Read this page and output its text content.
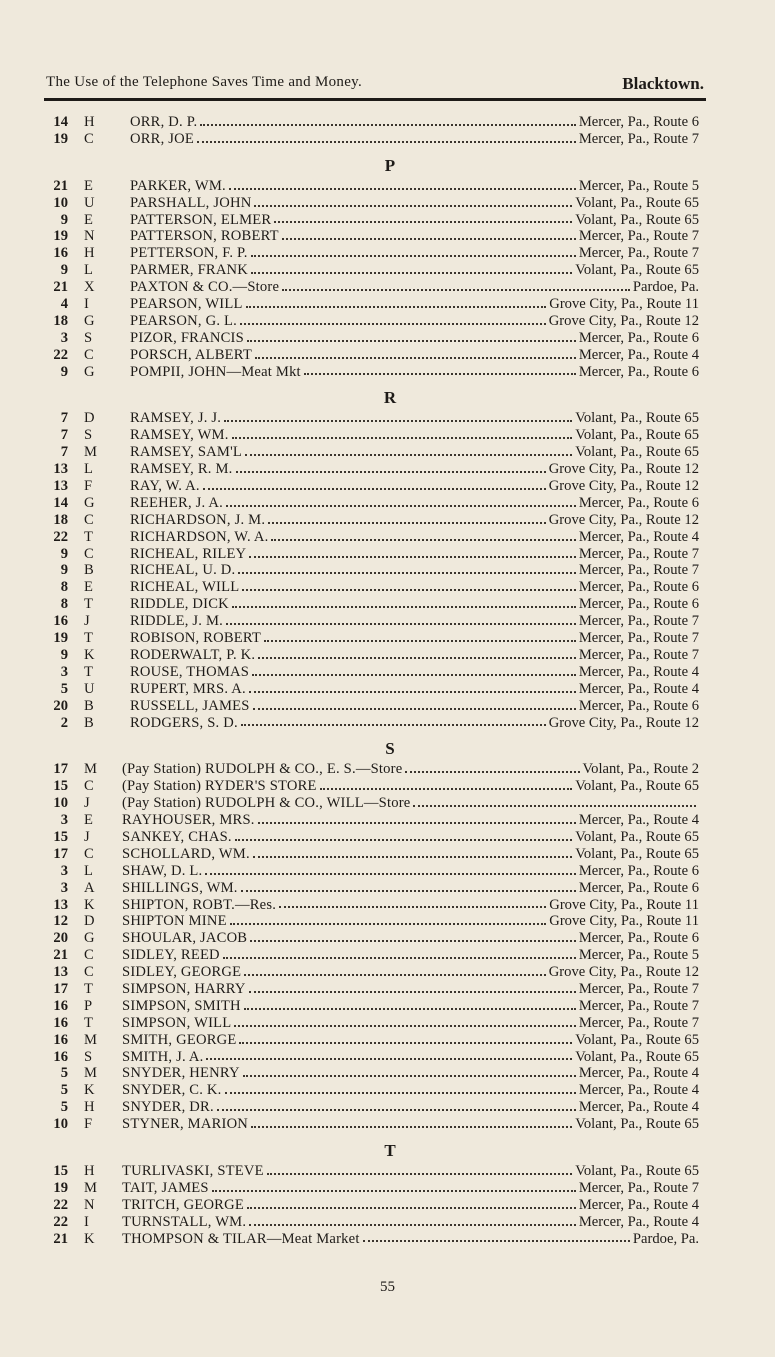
The Use of the Telephone Saves Time and Money.	Blacktown.
14 H	ORR, D. P.	Mercer, Pa., Route 6
19 C	ORR, JOE	Mercer, Pa., Route 7
P
21 E	PARKER, WM.	Mercer, Pa., Route 5
10 U	PARSHALL, JOHN	Volant, Pa., Route 65
9 E	PATTERSON, ELMER	Volant, Pa., Route 65
19 N	PATTERSON, ROBERT	Mercer, Pa., Route 7
16 H	PETTERSON, F. P.	Mercer, Pa., Route 7
9 L	PARMER, FRANK	Volant, Pa., Route 65
21 X	PAXTON & CO.—Store	Pardoe, Pa.
4 I	PEARSON, WILL	Grove City, Pa., Route 11
18 G	PEARSON, G. L.	Grove City, Pa., Route 12
3 S	PIZOR, FRANCIS	Mercer, Pa., Route 6
22 C	PORSCH, ALBERT	Mercer, Pa., Route 4
9 G	POMPII, JOHN—Meat Mkt	Mercer, Pa., Route 6
R
7 D	RAMSEY, J. J.	Volant, Pa., Route 65
7 S	RAMSEY, WM.	Volant, Pa., Route 65
7 M RAMSEY, SAM'L	Volant, Pa., Route 65
13 L	RAMSEY, R. M.	Grove City, Pa., Route 12
13 F	RAY, W. A.	Grove City, Pa., Route 12
14 G	REEHER, J. A.	Mercer, Pa., Route 6
18 C	RICHARDSON, J. M.	Grove City, Pa., Route 12
22 T	RICHARDSON, W. A.	Mercer, Pa., Route 4
9 C	RICHEAL, RILEY	Mercer, Pa., Route 7
9 B	RICHEAL, U. D.	Mercer, Pa., Route 7
8 E	RICHEAL, WILL	Mercer, Pa., Route 6
8 T	RIDDLE, DICK	Mercer, Pa., Route 6
16 J	RIDDLE, J. M.	Mercer, Pa., Route 7
19 T	ROBISON, ROBERT	Mercer, Pa., Route 7
9 K	RODERWALT, P. K.	Mercer, Pa., Route 7
3 T	ROUSE, THOMAS	Mercer, Pa., Route 4
5 U	RUPERT, MRS. A.	Mercer, Pa., Route 4
20 B	RUSSELL, JAMES	Mercer, Pa., Route 6
2 B	RODGERS, S. D.	Grove City, Pa., Route 12
S
17 M (Pay Station) RUDOLPH & CO., E. S.—Store	Volant, Pa., Route 2
15 C	(Pay Station) RYDER'S STORE	Volant, Pa., Route 65
10 J	(Pay Station) RUDOLPH & CO., WILL—Store
3 E	RAYHOUSER, MRS.	Mercer, Pa., Route 4
15 J	SANKEY, CHAS.	Volant, Pa., Route 65
17 C	SCHOLLARD, WM.	Volant, Pa., Route 65
3 L	SHAW, D. L.	Mercer, Pa., Route 6
3 A	SHILLINGS, WM.	Mercer, Pa., Route 6
13 K	SHIPTON, ROBT.—Res.	Grove City, Pa., Route 11
12 D	SHIPTON MINE	Grove City, Pa., Route 11
20 G	SHOULAR, JACOB	Mercer, Pa., Route 6
21 C	SIDLEY, REED	Mercer, Pa., Route 5
13 C	SIDLEY, GEORGE	Grove City, Pa., Route 12
17 T	SIMPSON, HARRY	Mercer, Pa., Route 7
16 P	SIMPSON, SMITH	Mercer, Pa., Route 7
16 T	SIMPSON, WILL	Mercer, Pa., Route 7
16 M SMITH, GEORGE	Volant, Pa., Route 65
16 S	SMITH, J. A.	Volant, Pa., Route 65
5 M SNYDER, HENRY	Mercer, Pa., Route 4
5 K	SNYDER, C. K.	Mercer, Pa., Route 4
5 H	SNYDER, DR.	Mercer, Pa., Route 4
10 F	STYNER, MARION	Volant, Pa., Route 65
T
15 H	TURLIVASKI, STEVE	Volant, Pa., Route 65
19 M TAIT, JAMES	Mercer, Pa., Route 7
22 N	TRITCH, GEORGE	Mercer, Pa., Route 4
22 I	TURNSTALL, WM.	Mercer, Pa., Route 4
21 K	THOMPSON & TILAR—Meat Market	Pardoe, Pa.
55
